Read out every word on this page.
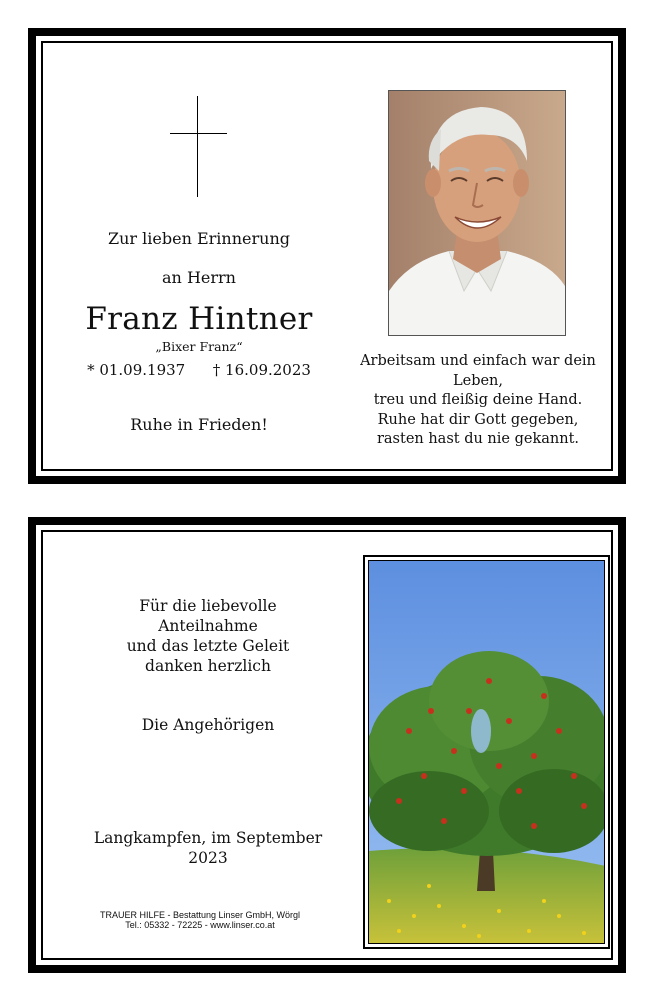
Zur lieben Erinnerung
an Herrn
Franz Hintner
„Bixer Franz“
* 01.09.1937 † 16.09.2023
Ruhe in Frieden!
Arbeitsam und einfach war dein Leben,
treu und fleißig deine Hand.
Ruhe hat dir Gott gegeben,
rasten hast du nie gekannt.
Für die liebevolle
Anteilnahme
und das letzte Geleit
danken herzlich
Die Angehörigen
Langkampfen, im September 2023
TRAUER HILFE - Bestattung Linser GmbH, Wörgl
Tel.: 05332 - 72225 - www.linser.co.at
